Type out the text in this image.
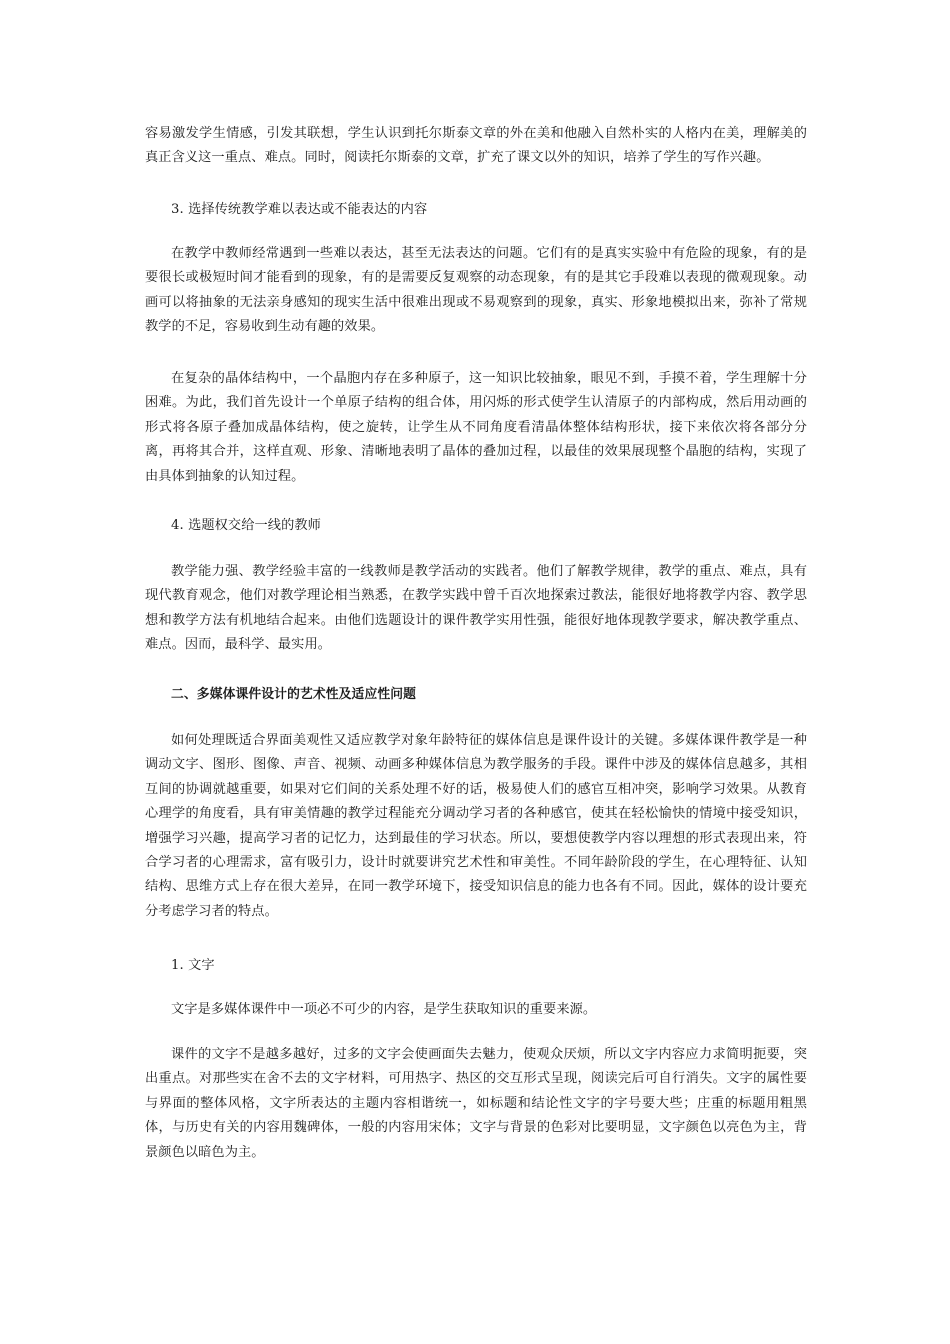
容易激发学生情感，引发其联想，学生认识到托尔斯泰文章的外在美和他融入自然朴实的人格内在美，理解美的真正含义这一重点、难点。同时，阅读托尔斯泰的文章，扩充了课文以外的知识，培养了学生的写作兴趣。

3. 选择传统教学难以表达或不能表达的内容

在教学中教师经常遇到一些难以表达，甚至无法表达的问题。它们有的是真实实验中有危险的现象，有的是要很长或极短时间才能看到的现象，有的是需要反复观察的动态现象，有的是其它手段难以表现的微观现象。动画可以将抽象的无法亲身感知的现实生活中很难出现或不易观察到的现象，真实、形象地模拟出来，弥补了常规教学的不足，容易收到生动有趣的效果。

在复杂的晶体结构中，一个晶胞内存在多种原子，这一知识比较抽象，眼见不到，手摸不着，学生理解十分困难。为此，我们首先设计一个单原子结构的组合体，用闪烁的形式使学生认清原子的内部构成，然后用动画的形式将各原子叠加成晶体结构，使之旋转，让学生从不同角度看清晶体整体结构形状，接下来依次将各部分分离，再将其合并，这样直观、形象、清晰地表明了晶体的叠加过程，以最佳的效果展现整个晶胞的结构，实现了由具体到抽象的认知过程。

4. 选题权交给一线的教师

教学能力强、教学经验丰富的一线教师是教学活动的实践者。他们了解教学规律，教学的重点、难点，具有现代教育观念，他们对教学理论相当熟悉，在教学实践中曾千百次地探索过教法，能很好地将教学内容、教学思想和教学方法有机地结合起来。由他们选题设计的课件教学实用性强，能很好地体现教学要求，解决教学重点、难点。因而，最科学、最实用。

二、多媒体课件设计的艺术性及适应性问题

如何处理既适合界面美观性又适应教学对象年龄特征的媒体信息是课件设计的关键。多媒体课件教学是一种调动文字、图形、图像、声音、视频、动画多种媒体信息为教学服务的手段。课件中涉及的媒体信息越多，其相互间的协调就越重要，如果对它们间的关系处理不好的话，极易使人们的感官互相冲突，影响学习效果。从教育心理学的角度看，具有审美情趣的教学过程能充分调动学习者的各种感官，使其在轻松愉快的情境中接受知识，增强学习兴趣，提高学习者的记忆力，达到最佳的学习状态。所以，要想使教学内容以理想的形式表现出来，符合学习者的心理需求，富有吸引力，设计时就要讲究艺术性和审美性。不同年龄阶段的学生，在心理特征、认知结构、思维方式上存在很大差异，在同一教学环境下，接受知识信息的能力也各有不同。因此，媒体的设计要充分考虑学习者的特点。

1. 文字

文字是多媒体课件中一项必不可少的内容，是学生获取知识的重要来源。

课件的文字不是越多越好，过多的文字会使画面失去魅力，使观众厌烦，所以文字内容应力求简明扼要，突出重点。对那些实在舍不去的文字材料，可用热字、热区的交互形式呈现，阅读完后可自行消失。文字的属性要与界面的整体风格，文字所表达的主题内容相谐统一，如标题和结论性文字的字号要大些；庄重的标题用粗黑体，与历史有关的内容用魏碑体，一般的内容用宋体；文字与背景的色彩对比要明显，文字颜色以亮色为主，背景颜色以暗色为主。
